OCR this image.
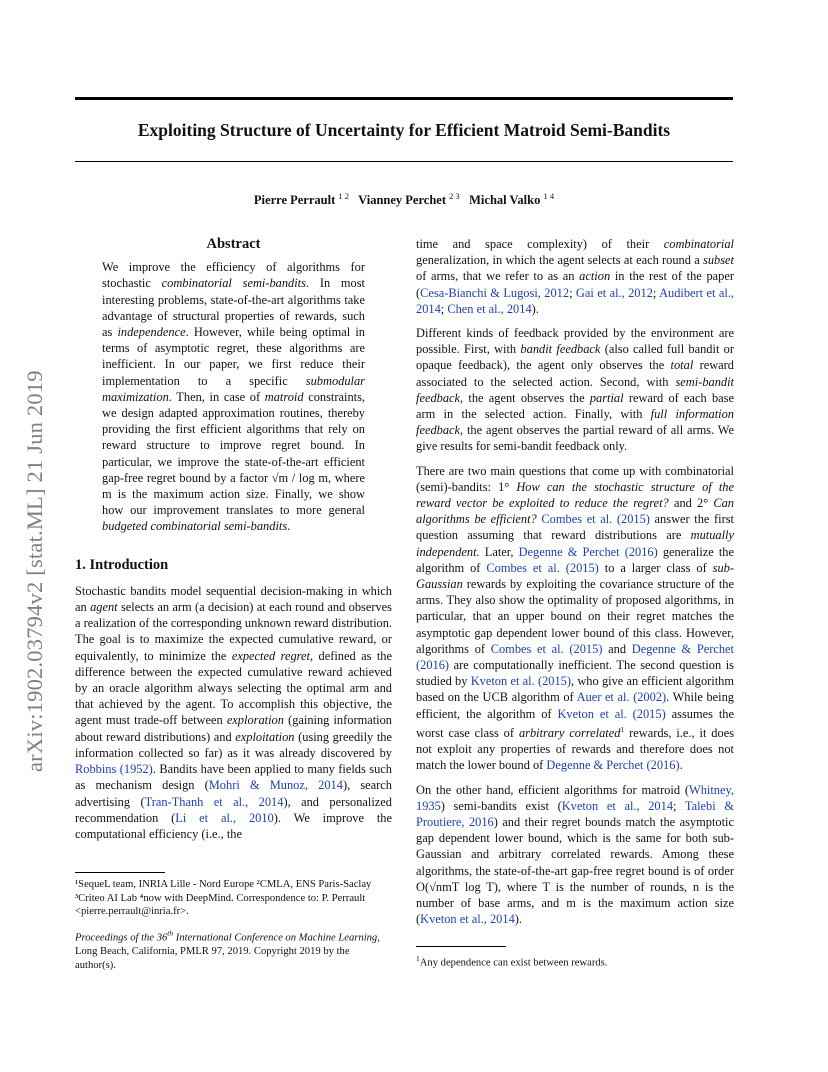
Exploiting Structure of Uncertainty for Efficient Matroid Semi-Bandits
Pierre Perrault $^{1 2}$ Vianney Perchet $^{2 3}$ Michal Valko $^{1 4}$
arXiv:1902.03794v2 [stat.ML] 21 Jun 2019
Abstract
We improve the efficiency of algorithms for stochastic combinatorial semi-bandits. In most interesting problems, state-of-the-art algorithms take advantage of structural properties of rewards, such as independence. However, while being optimal in terms of asymptotic regret, these algorithms are inefficient. In our paper, we first reduce their implementation to a specific submodular maximization. Then, in case of matroid constraints, we design adapted approximation routines, thereby providing the first efficient algorithms that rely on reward structure to improve regret bound. In particular, we improve the state-of-the-art efficient gap-free regret bound by a factor √m / log m, where m is the maximum action size. Finally, we show how our improvement translates to more general budgeted combinatorial semi-bandits.
1. Introduction

Stochastic bandits model sequential decision-making in which an agent selects an arm (a decision) at each round and observes a realization of the corresponding unknown reward distribution. The goal is to maximize the expected cumulative reward, or equivalently, to minimize the expected regret, defined as the difference between the expected cumulative reward achieved by an oracle algorithm always selecting the optimal arm and that achieved by the agent. To accomplish this objective, the agent must trade-off between exploration (gaining information about reward distributions) and exploitation (using greedily the information collected so far) as it was already discovered by Robbins (1952). Bandits have been applied to many fields such as mechanism design (Mohri & Munoz, 2014), search advertising (Tran-Thanh et al., 2014), and personalized recommendation (Li et al., 2010). We improve the computational efficiency (i.e., the

¹SequeL team, INRIA Lille - Nord Europe ²CMLA, ENS Paris-Saclay ³Criteo AI Lab ⁴now with DeepMind. Correspondence to: P. Perrault <pierre.perrault@inria.fr>.
Proceedings of the 36th International Conference on Machine Learning, Long Beach, California, PMLR 97, 2019. Copyright 2019 by the author(s).

time and space complexity) of their combinatorial generalization, in which the agent selects at each round a subset of arms, that we refer to as an action in the rest of the paper (Cesa-Bianchi & Lugosi, 2012; Gai et al., 2012; Audibert et al., 2014; Chen et al., 2014).

Different kinds of feedback provided by the environment are possible. First, with bandit feedback (also called full bandit or opaque feedback), the agent only observes the total reward associated to the selected action. Second, with semi-bandit feedback, the agent observes the partial reward of each base arm in the selected action. Finally, with full information feedback, the agent observes the partial reward of all arms. We give results for semi-bandit feedback only.

There are two main questions that come up with combinatorial (semi)-bandits: 1° How can the stochastic structure of the reward vector be exploited to reduce the regret? and 2° Can algorithms be efficient? Combes et al. (2015) answer the first question assuming that reward distributions are mutually independent. Later, Degenne & Perchet (2016) generalize the algorithm of Combes et al. (2015) to a larger class of sub-Gaussian rewards by exploiting the covariance structure of the arms. They also show the optimality of proposed algorithms, in particular, that an upper bound on their regret matches the asymptotic gap dependent lower bound of this class. However, algorithms of Combes et al. (2015) and Degenne & Perchet (2016) are computationally inefficient. The second question is studied by Kveton et al. (2015), who give an efficient algorithm based on the UCB algorithm of Auer et al. (2002). While being efficient, the algorithm of Kveton et al. (2015) assumes the worst case class of arbitrary correlated$^1$ rewards, i.e., it does not exploit any properties of rewards and therefore does not match the lower bound of Degenne & Perchet (2016).

On the other hand, efficient algorithms for matroid (Whitney, 1935) semi-bandits exist (Kveton et al., 2014; Talebi & Proutiere, 2016) and their regret bounds match the asymptotic gap dependent lower bound, which is the same for both sub-Gaussian and arbitrary correlated rewards. Among these algorithms, the state-of-the-art gap-free regret bound is of order O(√nmT log T), where T is the number of rounds, n is the number of base arms, and m is the maximum action size (Kveton et al., 2014).

$^1$Any dependence can exist between rewards.
